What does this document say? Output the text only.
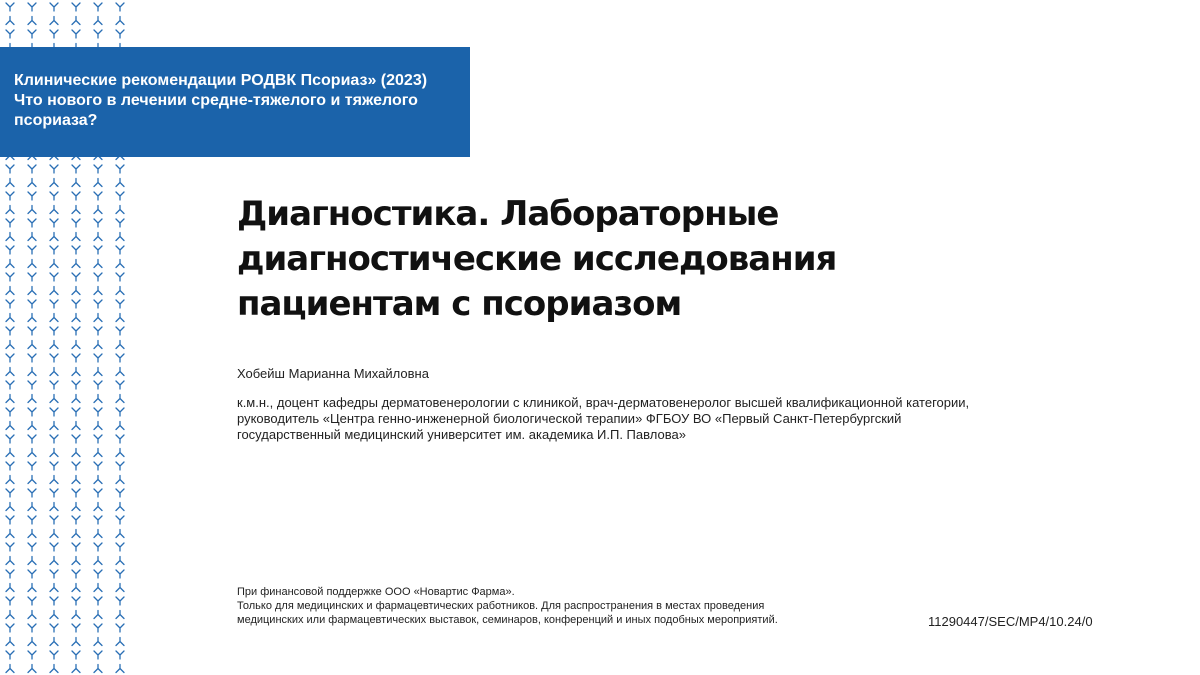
Клинические рекомендации РОДВК Псориаз» (2023)
Что нового в лечении средне-тяжелого и тяжелого
псориаза?
Диагностика. Лабораторные
диагностические исследования
пациентам с псориазом

Хобейш Марианна Михайловна

к.м.н., доцент кафедры дерматовенерологии с клиникой, врач-дерматовенеролог высшей квалификационной категории,
руководитель «Центра генно-инженерной биологической терапии» ФГБОУ ВО «Первый Санкт-Петербургский
государственный медицинский университет им. академика И.П. Павлова»

При финансовой поддержке ООО «Новартис Фарма».
Только для медицинских и фармацевтических работников. Для распространения в местах проведения
медицинских или фармацевтических выставок, семинаров, конференций и иных подобных мероприятий.	11290447/SEC/MP4/10.24/0
